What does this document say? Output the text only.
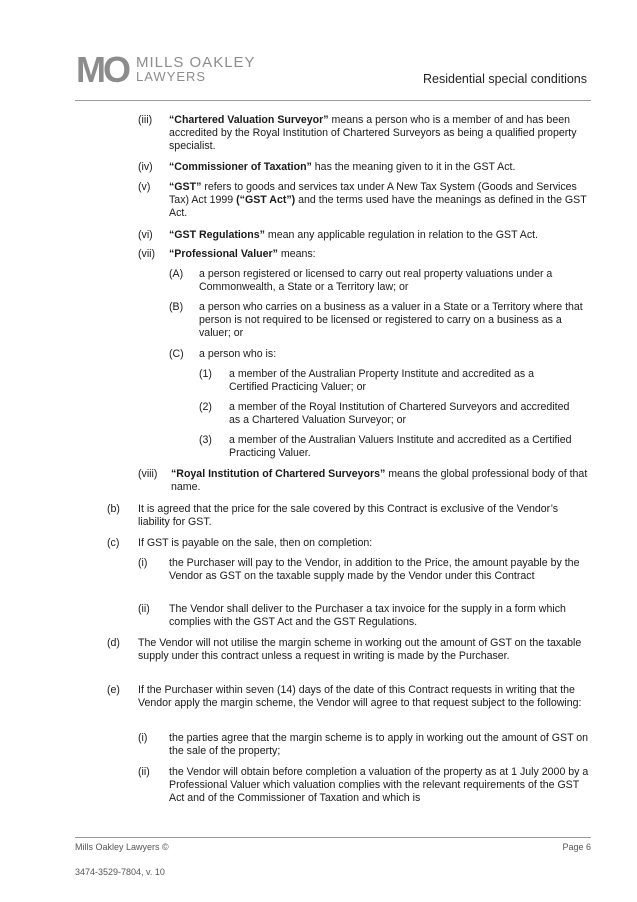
MO MILLS OAKLEY
LAWYERS	Residential special conditions
(iii) “Chartered Valuation Surveyor” means a person who is a member of and has been accredited by the Royal Institution of Chartered Surveyors as being a qualified property specialist.
(iv) “Commissioner of Taxation” has the meaning given to it in the GST Act.
(v) “GST” refers to goods and services tax under A New Tax System (Goods and Services Tax) Act 1999 (“GST Act”) and the terms used have the meanings as defined in the GST Act.
(vi) “GST Regulations” mean any applicable regulation in relation to the GST Act.
(vii) “Professional Valuer” means:
(A) a person registered or licensed to carry out real property valuations under a Commonwealth, a State or a Territory law; or
(B) a person who carries on a business as a valuer in a State or a Territory where that person is not required to be licensed or registered to carry on a business as a valuer; or
(C) a person who is:
(1) a member of the Australian Property Institute and accredited as a Certified Practicing Valuer; or
(2) a member of the Royal Institution of Chartered Surveyors and accredited as a Chartered Valuation Surveyor; or
(3) a member of the Australian Valuers Institute and accredited as a Certified Practicing Valuer.
(viii) “Royal Institution of Chartered Surveyors” means the global professional body of that name.
(b) It is agreed that the price for the sale covered by this Contract is exclusive of the Vendor’s liability for GST.
(c) If GST is payable on the sale, then on completion:
(i) the Purchaser will pay to the Vendor, in addition to the Price, the amount payable by the Vendor as GST on the taxable supply made by the Vendor under this Contract
(ii) The Vendor shall deliver to the Purchaser a tax invoice for the supply in a form which complies with the GST Act and the GST Regulations.
(d) The Vendor will not utilise the margin scheme in working out the amount of GST on the taxable supply under this contract unless a request in writing is made by the Purchaser.
(e) If the Purchaser within seven (14) days of the date of this Contract requests in writing that the Vendor apply the margin scheme, the Vendor will agree to that request subject to the following:
(i) the parties agree that the margin scheme is to apply in working out the amount of GST on the sale of the property;
(ii) the Vendor will obtain before completion a valuation of the property as at 1 July 2000 by a Professional Valuer which valuation complies with the relevant requirements of the GST Act and of the Commissioner of Taxation and which is
Mills Oakley Lawyers ©	Page 6
3474-3529-7804, v. 10
